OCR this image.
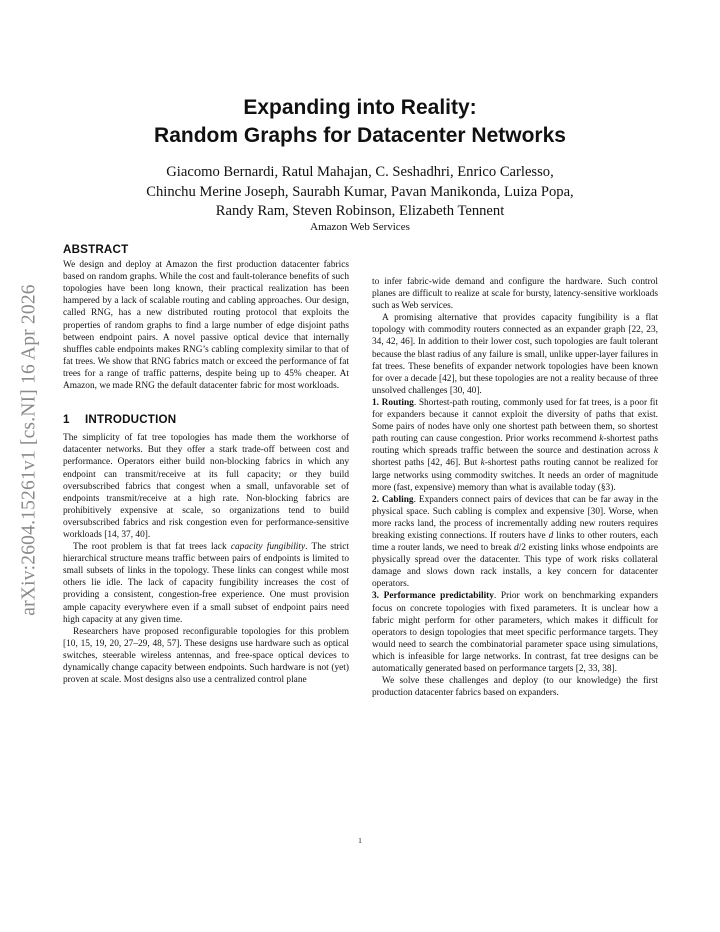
arXiv:2604.15261v1 [cs.NI] 16 Apr 2026
Expanding into Reality:
Random Graphs for Datacenter Networks
Giacomo Bernardi, Ratul Mahajan, C. Seshadhri, Enrico Carlesso,
Chinchu Merine Joseph, Saurabh Kumar, Pavan Manikonda, Luiza Popa,
Randy Ram, Steven Robinson, Elizabeth Tennent
Amazon Web Services
ABSTRACT

We design and deploy at Amazon the first production datacenter fabrics based on random graphs. While the cost and fault-tolerance benefits of such topologies have been long known, their practical realization has been hampered by a lack of scalable routing and cabling approaches. Our design, called RNG, has a new distributed routing protocol that exploits the properties of random graphs to find a large number of edge disjoint paths between endpoint pairs. A novel passive optical device that internally shuffles cable endpoints makes RNG’s cabling complexity similar to that of fat trees. We show that RNG fabrics match or exceed the performance of fat trees for a range of traffic patterns, despite being up to 45% cheaper. At Amazon, we made RNG the default datacenter fabric for most workloads.

1 INTRODUCTION

The simplicity of fat tree topologies has made them the workhorse of datacenter networks. But they offer a stark trade-off between cost and performance. Operators either build non-blocking fabrics in which any endpoint can transmit/receive at its full capacity; or they build oversubscribed fabrics that congest when a small, unfavorable set of endpoints transmit/receive at a high rate. Non-blocking fabrics are prohibitively expensive at scale, so organizations tend to build oversubscribed fabrics and risk congestion even for performance-sensitive workloads [14, 37, 40].

The root problem is that fat trees lack capacity fungibility. The strict hierarchical structure means traffic between pairs of endpoints is limited to small subsets of links in the topology. These links can congest while most others lie idle. The lack of capacity fungibility increases the cost of providing a consistent, congestion-free experience. One must provision ample capacity everywhere even if a small subset of endpoint pairs need high capacity at any given time.

Researchers have proposed reconfigurable topologies for this problem [10, 15, 19, 20, 27–29, 48, 57]. These designs use hardware such as optical switches, steerable wireless antennas, and free-space optical devices to dynamically change capacity between endpoints. Such hardware is not (yet) proven at scale. Most designs also use a centralized control plane

to infer fabric-wide demand and configure the hardware. Such control planes are difficult to realize at scale for bursty, latency-sensitive workloads such as Web services.

A promising alternative that provides capacity fungibility is a flat topology with commodity routers connected as an expander graph [22, 23, 34, 42, 46]. In addition to their lower cost, such topologies are fault tolerant because the blast radius of any failure is small, unlike upper-layer failures in fat trees. These benefits of expander network topologies have been known for over a decade [42], but these topologies are not a reality because of three unsolved challenges [30, 40].

1. Routing. Shortest-path routing, commonly used for fat trees, is a poor fit for expanders because it cannot exploit the diversity of paths that exist. Some pairs of nodes have only one shortest path between them, so shortest path routing can cause congestion. Prior works recommend k-shortest paths routing which spreads traffic between the source and destination across k shortest paths [42, 46]. But k-shortest paths routing cannot be realized for large networks using commodity switches. It needs an order of magnitude more (fast, expensive) memory than what is available today (§3).

2. Cabling. Expanders connect pairs of devices that can be far away in the physical space. Such cabling is complex and expensive [30]. Worse, when more racks land, the process of incrementally adding new routers requires breaking existing connections. If routers have d links to other routers, each time a router lands, we need to break d/2 existing links whose endpoints are physically spread over the datacenter. This type of work risks collateral damage and slows down rack installs, a key concern for datacenter operators.

3. Performance predictability. Prior work on benchmarking expanders focus on concrete topologies with fixed parameters. It is unclear how a fabric might perform for other parameters, which makes it difficult for operators to design topologies that meet specific performance targets. They would need to search the combinatorial parameter space using simulations, which is infeasible for large networks. In contrast, fat tree designs can be automatically generated based on performance targets [2, 33, 38].

We solve these challenges and deploy (to our knowledge) the first production datacenter fabrics based on expanders.

1
